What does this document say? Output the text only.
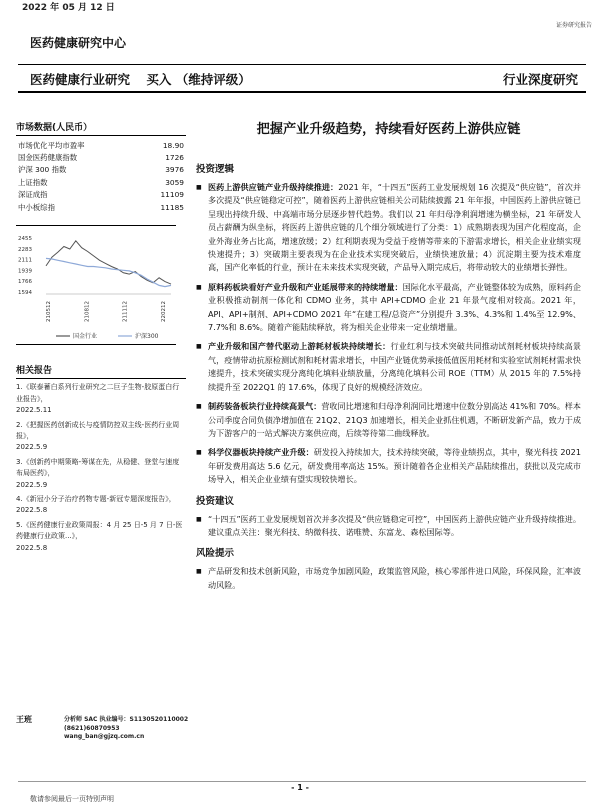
2022 年 05 月 12 日
证券研究报告
医药健康研究中心
医药健康行业研究 买入 （维持评级）	行业深度研究
市场数据(人民币）
市场优化平均市盈率	18.90
国金医药健康指数	1726
沪深 300 指数	3976
上证指数	3059
深证成指	11109
中小板综指	11185
2455
2283
2111
1939
1766
1594
210512	210812	211112	220212
国金行业	沪深300
相关报告
1.《联泰蓄白系列行业研究之二巨子生物-胶原蛋白行业报告》，
2022.5.11
2.《把握医药创新成长与疫情防控双主线-医药行业周报》，
2022.5.9
3.《创新药中期策略-筹谋在先，从稳健、登堂与速度布局医药》，
2022.5.9
4.《新冠小分子治疗药物专题-新冠专题深度报告》，
2022.5.8
5.《医药健康行业政策周报：4 月 25 日-5 月 7 日-医药健康行业政策...》，
2022.5.8
王班	分析师 SAC 执业编号：S1130520110002
(8621)60870953
wang_ban@gjzq.com.cn
把握产业升级趋势，持续看好医药上游供应链
投资逻辑
■ 医药上游供应链产业升级持续推进：2021 年，“十四五”医药工业发展规划 16 次提及“供应链”，首次并多次提及“供应链稳定可控”，随着医药上游供应链相关公司陆续披露 21 年年报，中国医药上游供应链已呈现出持续升级、中高端市场分层逐步替代趋势。我们以 21 年归母净利润增速为横坐标，21 年研发人员占薪酬为纵坐标，将医药上游供应链的几个细分领域进行了分类：1）成熟期表现为国产化程度高，企业外海业务占比高，增速放缓；2）红利期表现为受益于疫情等带来的下游需求增长，相关企业业绩实现快速提升；3）突破期主要表现为在企业技术实现突破后，业绩快速放量；4）沉淀期主要为技术难度高，国产化率低的行业，预计在未来技术实现突破，产品导入期完成后，将带动较大的业绩增长弹性。
■ 原料药板块看好产业升级和产业延展带来的持续增量：国际化水平最高，产业链整体较为成熟，原料药企业积极推动制剂一体化和 CDMO 业务，其中 API+CDMO 企业 21 年景气度相对较高。2021 年，API、API+制剂、API+CDMO 2021 年“在建工程/总资产”分别提升 3.3%、4.3%和 1.4%至 12.9%、7.7%和 8.6%。随着产能陆续释放，将为相关企业带来一定业绩增量。
■ 产业升级和国产替代驱动上游耗材板块持续增长：行业红利与技术突破共同推动试剂耗材板块持续高景气，疫情带动抗原检测试剂和耗材需求增长，中国产业链优势承接低值医用耗材和实验室试剂耗材需求快速提升，技术突破实现分离纯化填料业绩放量，分离纯化填料公司 ROE（TTM）从 2015 年的 7.5%持续提升至 2022Q1 的 17.6%，体现了良好的规模经济效应。
■ 制药装备板块行业持续高景气：营收同比增速和归母净利润同比增速中位数分别高达 41%和 70%。样本公司季度合同负债净增加值在 21Q2、21Q3 加速增长，相关企业抓住机遇，不断研发新产品，致力于成为下游客户的一站式解决方案供应商，后续等待第二曲线释放。
■ 科学仪器板块持续产业升级：研发投入持续加大，技术持续突破，等待业绩拐点，其中，聚光科技 2021 年研发费用高达 5.6 亿元，研发费用率高达 15%。预计随着各企业相关产品陆续推出，获批以及完成市场导入，相关企业业绩有望实现较快增长。
投资建议
■ “十四五”医药工业发展规划首次并多次提及“供应链稳定可控”，中国医药上游供应链产业升级持续推进。建议重点关注：聚光科技、纳微科技、诺唯赞、东富龙、森松国际等。
风险提示
■ 产品研发和技术创新风险，市场竞争加剧风险，政策监管风险，核心零部件进口风险，环保风险，汇率波动风险。
- 1 -
敬请参阅最后一页特别声明
